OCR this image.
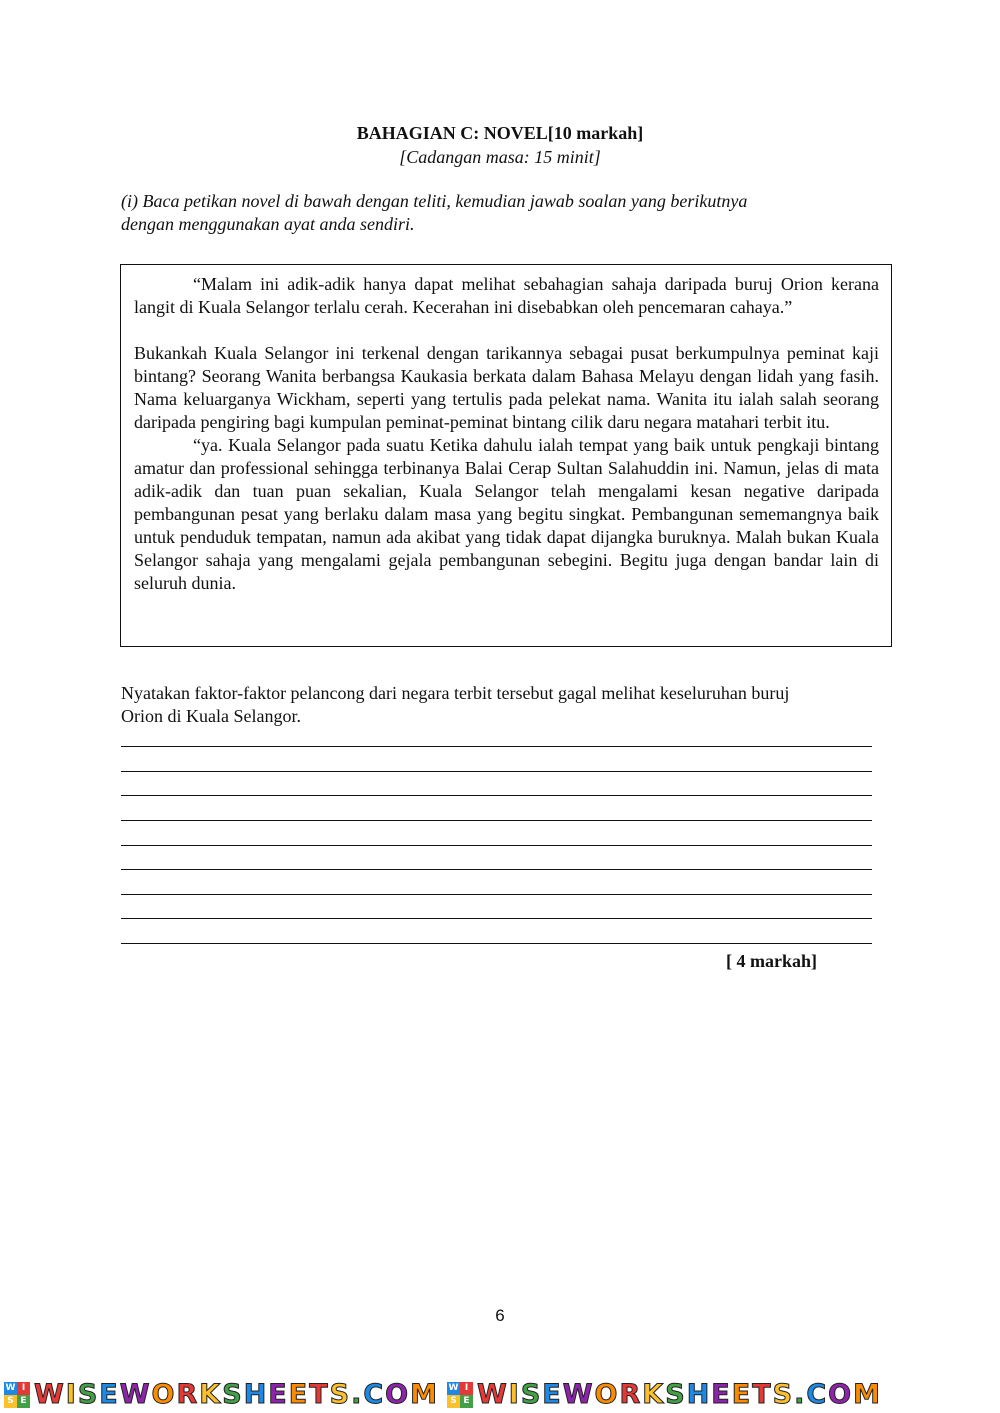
BAHAGIAN C: NOVEL[10 markah]
[Cadangan masa: 15 minit]
(i) Baca petikan novel di bawah dengan teliti, kemudian jawab soalan yang berikutnya
dengan menggunakan ayat anda sendiri.

“Malam ini adik-adik hanya dapat melihat sebahagian sahaja daripada buruj Orion kerana langit di Kuala Selangor terlalu cerah. Kecerahan ini disebabkan oleh pencemaran cahaya.”

Bukankah Kuala Selangor ini terkenal dengan tarikannya sebagai pusat berkumpulnya peminat kaji bintang? Seorang Wanita berbangsa Kaukasia berkata dalam Bahasa Melayu dengan lidah yang fasih. Nama keluarganya Wickham, seperti yang tertulis pada pelekat nama. Wanita itu ialah salah seorang daripada pengiring bagi kumpulan peminat-peminat bintang cilik daru negara matahari terbit itu.

“ya. Kuala Selangor pada suatu Ketika dahulu ialah tempat yang baik untuk pengkaji bintang amatur dan professional sehingga terbinanya Balai Cerap Sultan Salahuddin ini. Namun, jelas di mata adik-adik dan tuan puan sekalian, Kuala Selangor telah mengalami kesan negative daripada pembangunan pesat yang berlaku dalam masa yang begitu singkat. Pembangunan sememangnya baik untuk penduduk tempatan, namun ada akibat yang tidak dapat dijangka buruknya. Malah bukan Kuala Selangor sahaja yang mengalami gejala pembangunan sebegini. Begitu juga dengan bandar lain di seluruh dunia.

Nyatakan faktor-faktor pelancong dari negara terbit tersebut gagal melihat keseluruhan buruj
Orion di Kuala Selangor.
[ 4 markah]
6
W I
S E WISEWORKSHEETS.COM W I
S E WISEWORKSHEETS.COM
